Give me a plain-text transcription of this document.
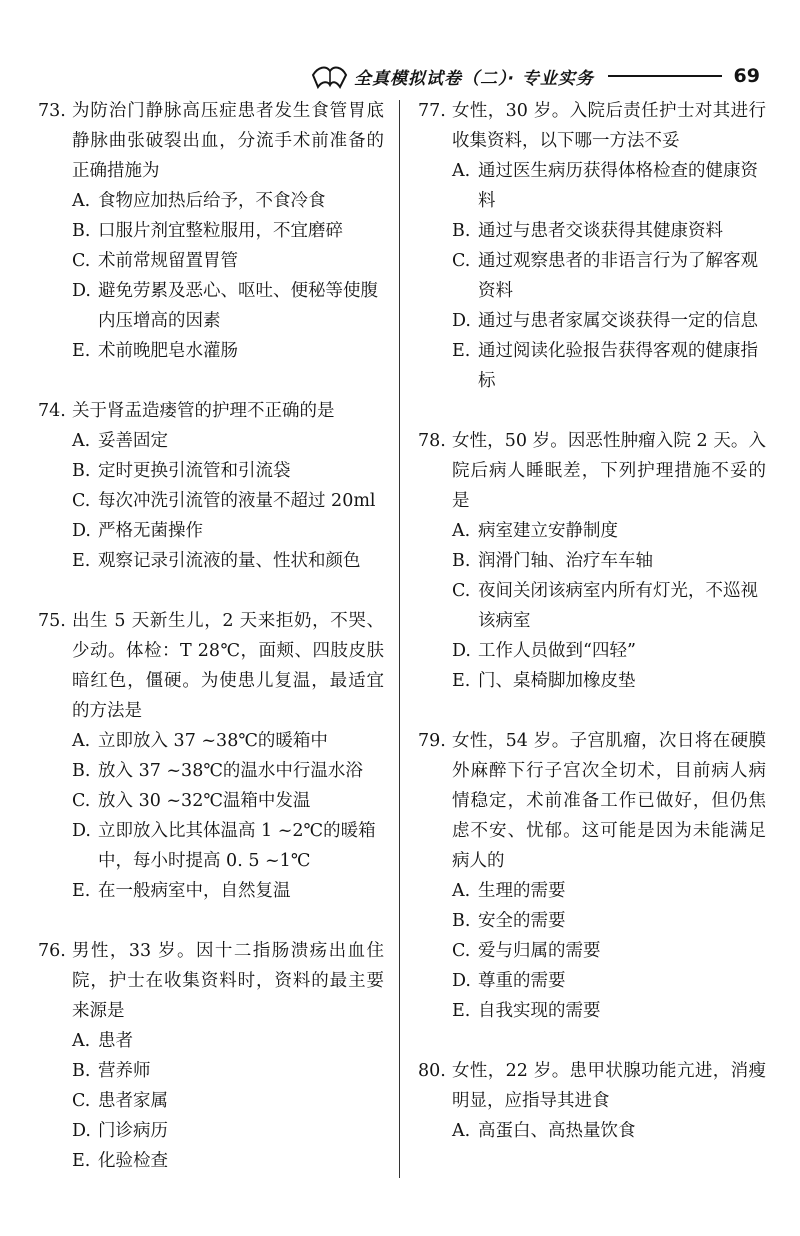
全真模拟试卷（二）· 专业实务	69
73. 为防治门静脉高压症患者发生食管胃底静脉曲张破裂出血，分流手术前准备的正确措施为
A. 食物应加热后给予，不食冷食
B. 口服片剂宜整粒服用，不宜磨碎
C. 术前常规留置胃管
D. 避免劳累及恶心、呕吐、便秘等使腹内压增高的因素
E. 术前晚肥皂水灌肠
74. 关于肾盂造瘘管的护理不正确的是
A. 妥善固定
B. 定时更换引流管和引流袋
C. 每次冲洗引流管的液量不超过 20ml
D. 严格无菌操作
E. 观察记录引流液的量、性状和颜色
75. 出生 5 天新生儿，2 天来拒奶，不哭、少动。体检：T 28℃，面颊、四肢皮肤暗红色，僵硬。为使患儿复温，最适宜的方法是
A. 立即放入 37 ~38℃的暖箱中
B. 放入 37 ~38℃的温水中行温水浴
C. 放入 30 ~32℃温箱中发温
D. 立即放入比其体温高 1 ~2℃的暖箱中，每小时提高 0. 5 ~1℃
E. 在一般病室中，自然复温
76. 男性，33 岁。因十二指肠溃疡出血住院，护士在收集资料时，资料的最主要来源是
A. 患者
B. 营养师
C. 患者家属
D. 门诊病历
E. 化验检查
77. 女性，30 岁。入院后责任护士对其进行收集资料，以下哪一方法不妥
A. 通过医生病历获得体格检查的健康资料
B. 通过与患者交谈获得其健康资料
C. 通过观察患者的非语言行为了解客观资料
D. 通过与患者家属交谈获得一定的信息
E. 通过阅读化验报告获得客观的健康指标
78. 女性，50 岁。因恶性肿瘤入院 2 天。入院后病人睡眠差，下列护理措施不妥的是
A. 病室建立安静制度
B. 润滑门轴、治疗车车轴
C. 夜间关闭该病室内所有灯光，不巡视该病室
D. 工作人员做到“四轻”
E. 门、桌椅脚加橡皮垫
79. 女性，54 岁。子宫肌瘤，次日将在硬膜外麻醉下行子宫次全切术，目前病人病情稳定，术前准备工作已做好，但仍焦虑不安、忧郁。这可能是因为未能满足病人的
A. 生理的需要
B. 安全的需要
C. 爱与归属的需要
D. 尊重的需要
E. 自我实现的需要
80. 女性，22 岁。患甲状腺功能亢进，消瘦明显，应指导其进食
A. 高蛋白、高热量饮食
